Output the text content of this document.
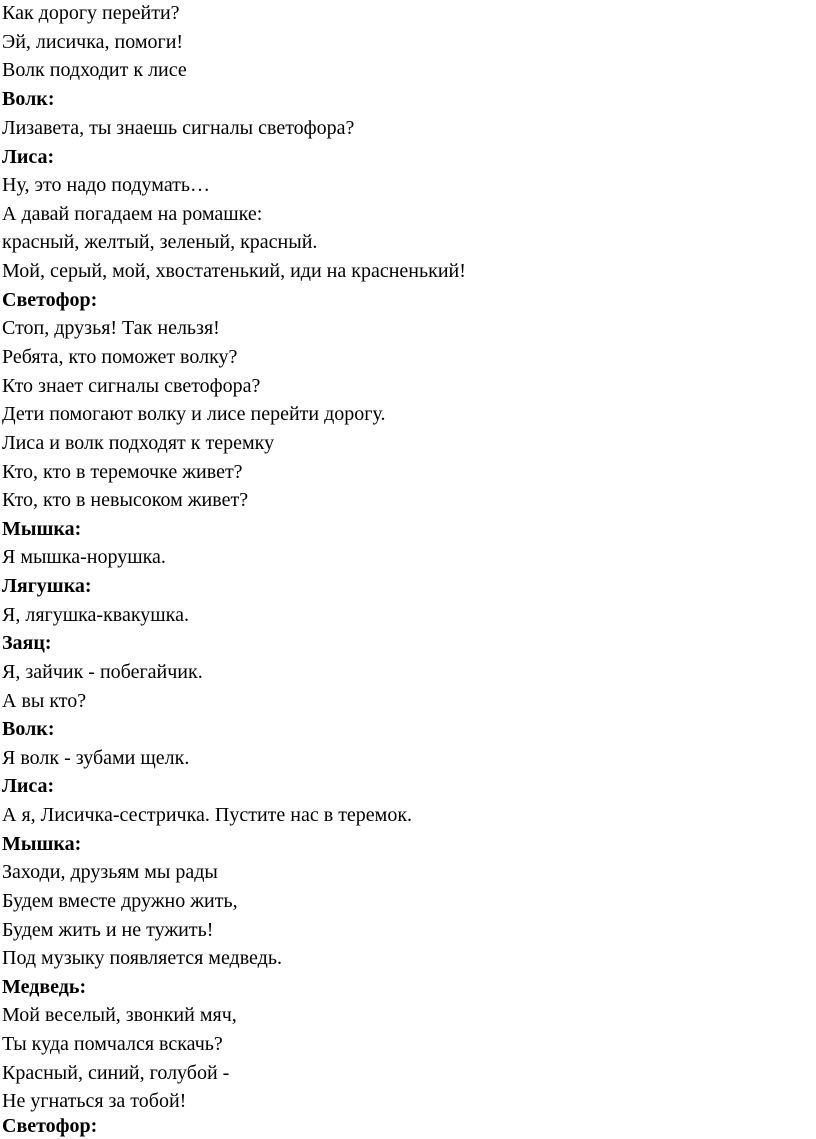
Как дорогу перейти?
Эй, лисичка, помоги!
Волк подходит к лисе
Волк:
Лизавета, ты знаешь сигналы светофора?
Лиса:
Ну, это надо подумать…
А давай погадаем на ромашке:
красный, желтый, зеленый, красный.
Мой, серый, мой, хвостатенький, иди на красненький!
Светофор:
Стоп, друзья! Так нельзя!
Ребята, кто поможет волку?
Кто знает сигналы светофора?
Дети помогают волку и лисе перейти дорогу.
Лиса и волк подходят к теремку
Кто, кто в теремочке живет?
Кто, кто в невысоком живет?
Мышка:
Я мышка-норушка.
Лягушка:
Я, лягушка-квакушка.
Заяц:
Я, зайчик - побегайчик.
А вы кто?
Волк:
Я волк - зубами щелк.
Лиса:
А я, Лисичка-сестричка. Пустите нас в теремок.
Мышка:
Заходи, друзьям мы рады
Будем вместе дружно жить,
Будем жить и не тужить!
Под музыку появляется медведь.
Медведь:
Мой веселый, звонкий мяч,
Ты куда помчался вскачь?
Красный, синий, голубой -
Не угнаться за тобой!
Светофор:
